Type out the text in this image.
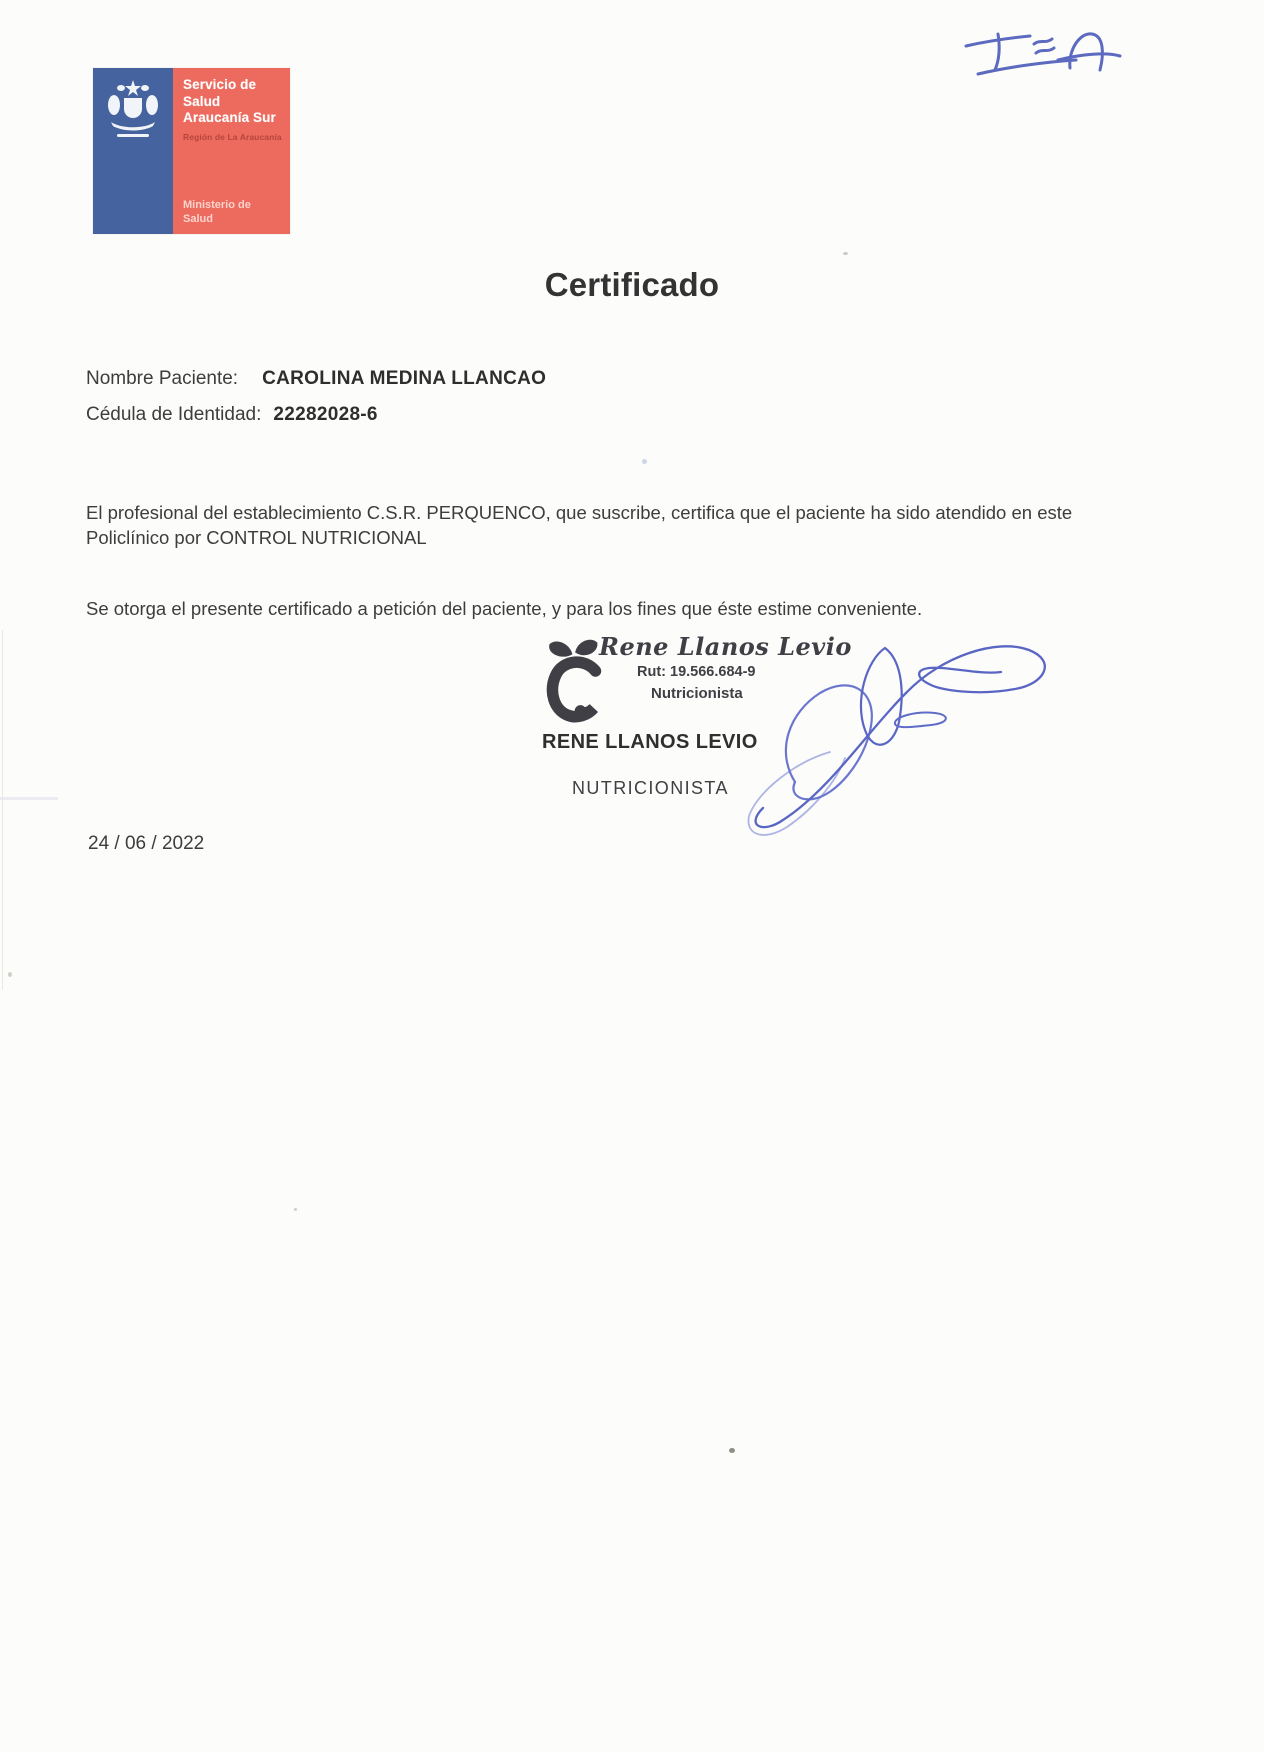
Servicio de
Salud
Araucanía Sur
Región de La Araucanía
Ministerio de
Salud
Certificado
Nombre Paciente: CAROLINA MEDINA LLANCAO
Cédula de Identidad: 22282028-6

El profesional del establecimiento C.S.R. PERQUENCO, que suscribe, certifica que el paciente ha sido atendido en este Policlínico por CONTROL NUTRICIONAL

Se otorga el presente certificado a petición del paciente, y para los fines que éste estime conveniente.

Rene Llanos Levio
Rut: 19.566.684-9
Nutricionista
RENE LLANOS LEVIO
NUTRICIONISTA
24 / 06 / 2022
